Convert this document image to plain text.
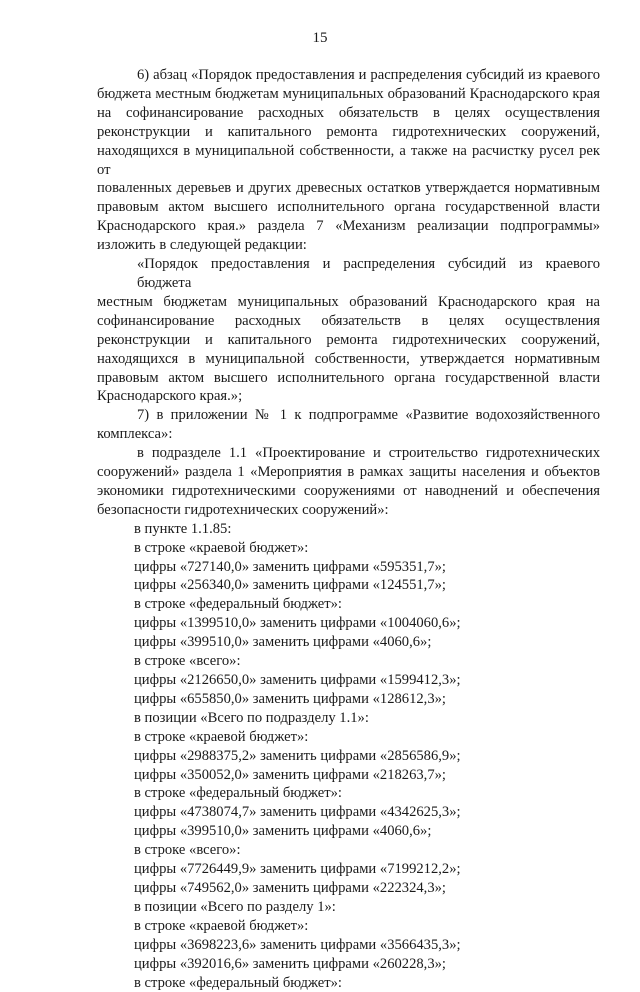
15
6) абзац «Порядок предоставления и распределения субсидий из краевого
бюджета местным бюджетам муниципальных образований Краснодарского края
на софинансирование расходных обязательств в целях осуществления
реконструкции и капитального ремонта гидротехнических сооружений,
находящихся в муниципальной собственности, а также на расчистку русел рек от
поваленных деревьев и других древесных остатков утверждается нормативным
правовым актом высшего исполнительного органа государственной власти
Краснодарского края.» раздела 7 «Механизм реализации подпрограммы»
изложить в следующей редакции:
«Порядок предоставления и распределения субсидий из краевого бюджета
местным бюджетам муниципальных образований Краснодарского края на
софинансирование расходных обязательств в целях осуществления
реконструкции и капитального ремонта гидротехнических сооружений,
находящихся в муниципальной собственности, утверждается нормативным
правовым актом высшего исполнительного органа государственной власти
Краснодарского края.»;
7) в приложении № 1 к подпрограмме «Развитие водохозяйственного
комплекса»:
в подразделе 1.1 «Проектирование и строительство гидротехнических
сооружений» раздела 1 «Мероприятия в рамках защиты населения и объектов
экономики гидротехническими сооружениями от наводнений и обеспечения
безопасности гидротехнических сооружений»:
в пункте 1.1.85:
в строке «краевой бюджет»:
цифры «727140,0» заменить цифрами «595351,7»;
цифры «256340,0» заменить цифрами «124551,7»;
в строке «федеральный бюджет»:
цифры «1399510,0» заменить цифрами «1004060,6»;
цифры «399510,0» заменить цифрами «4060,6»;
в строке «всего»:
цифры «2126650,0» заменить цифрами «1599412,3»;
цифры «655850,0» заменить цифрами «128612,3»;
в позиции «Всего по подразделу 1.1»:
в строке «краевой бюджет»:
цифры «2988375,2» заменить цифрами «2856586,9»;
цифры «350052,0» заменить цифрами «218263,7»;
в строке «федеральный бюджет»:
цифры «4738074,7» заменить цифрами «4342625,3»;
цифры «399510,0» заменить цифрами «4060,6»;
в строке «всего»:
цифры «7726449,9» заменить цифрами «7199212,2»;
цифры «749562,0» заменить цифрами «222324,3»;
в позиции «Всего по разделу 1»:
в строке «краевой бюджет»:
цифры «3698223,6» заменить цифрами «3566435,3»;
цифры «392016,6» заменить цифрами «260228,3»;
в строке «федеральный бюджет»:
